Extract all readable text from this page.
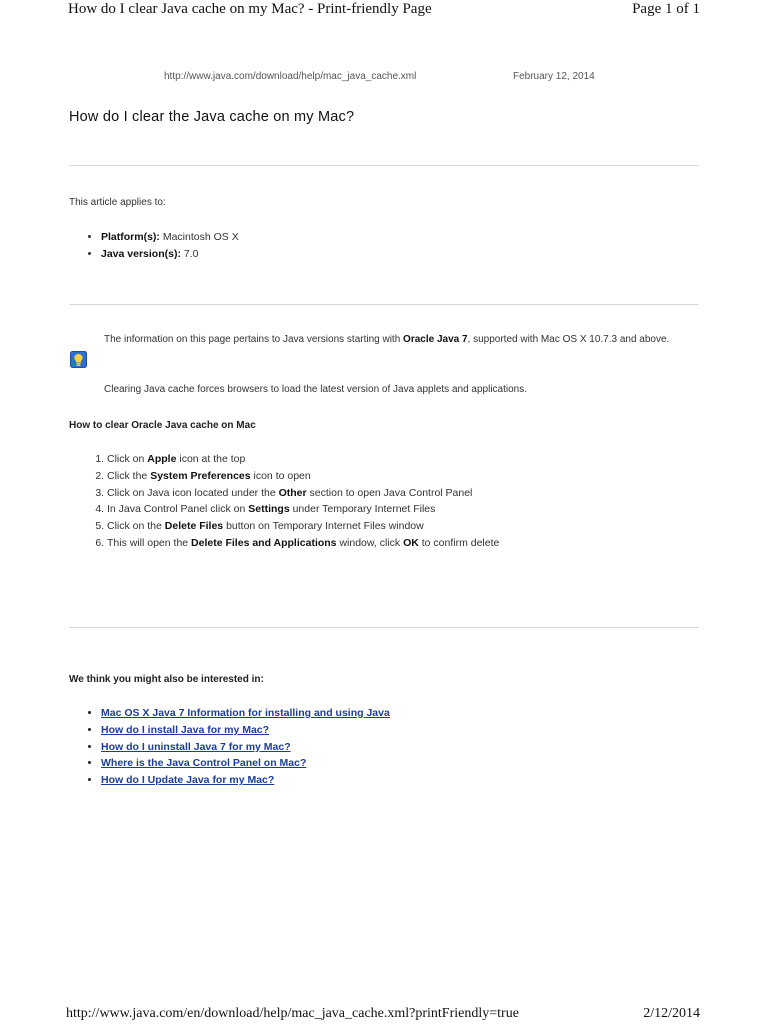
How do I clear Java cache on my Mac? - Print-friendly Page	Page 1 of 1
http://www.java.com/download/help/mac_java_cache.xml	February 12, 2014
How do I clear the Java cache on my Mac?
This article applies to:
• Platform(s): Macintosh OS X
• Java version(s): 7.0

The information on this page pertains to Java versions starting with Oracle Java 7, supported with Mac OS X 10.7.3 and above.

Clearing Java cache forces browsers to load the latest version of Java applets and applications.

How to clear Oracle Java cache on Mac
1. Click on Apple icon at the top
2. Click the System Preferences icon to open
3. Click on Java icon located under the Other section to open Java Control Panel
4. In Java Control Panel click on Settings under Temporary Internet Files
5. Click on the Delete Files button on Temporary Internet Files window
6. This will open the Delete Files and Applications window, click OK to confirm delete
We think you might also be interested in:
• Mac OS X Java 7 Information for installing and using Java
• How do I install Java for my Mac?
• How do I uninstall Java 7 for my Mac?
• Where is the Java Control Panel on Mac?
• How do I Update Java for my Mac?
http://www.java.com/en/download/help/mac_java_cache.xml?printFriendly=true	2/12/2014
